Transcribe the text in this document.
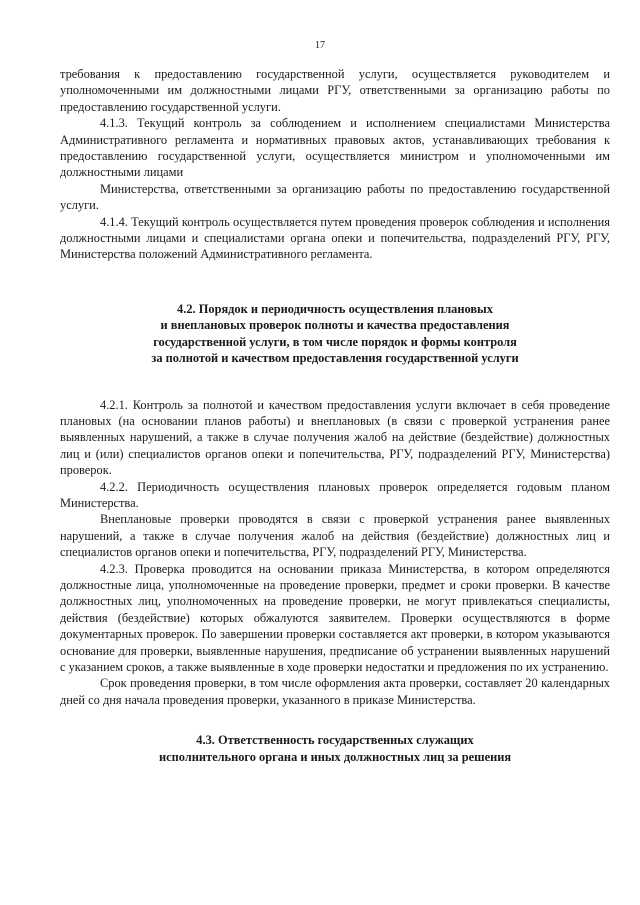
17

требования к предоставлению государственной услуги, осуществляется руководителем и уполномоченными им должностными лицами РГУ, ответственными за организацию работы по предоставлению государственной услуги.

4.1.3. Текущий контроль за соблюдением и исполнением специалистами Министерства Административного регламента и нормативных правовых актов, устанавливающих требования к предоставлению государственной услуги, осуществляется министром и уполномоченными им должностными лицами

Министерства, ответственными за организацию работы по предоставлению государственной услуги.

4.1.4. Текущий контроль осуществляется путем проведения проверок соблюдения и исполнения должностными лицами и специалистами органа опеки и попечительства, подразделений РГУ, РГУ, Министерства положений Административного регламента.

4.2. Порядок и периодичность осуществления плановых
и внеплановых проверок полноты и качества предоставления
государственной услуги, в том числе порядок и формы контроля
за полнотой и качеством предоставления государственной услуги

4.2.1. Контроль за полнотой и качеством предоставления услуги включает в себя проведение плановых (на основании планов работы) и внеплановых (в связи с проверкой устранения ранее выявленных нарушений, а также в случае получения жалоб на действие (бездействие) должностных лиц и (или) специалистов органов опеки и попечительства, РГУ, подразделений РГУ, Министерства) проверок.

4.2.2. Периодичность осуществления плановых проверок определяется годовым планом Министерства.

Внеплановые проверки проводятся в связи с проверкой устранения ранее выявленных нарушений, а также в случае получения жалоб на действия (бездействие) должностных лиц и специалистов органов опеки и попечительства, РГУ, подразделений РГУ, Министерства.

4.2.3. Проверка проводится на основании приказа Министерства, в котором определяются должностные лица, уполномоченные на проведение проверки, предмет и сроки проверки. В качестве должностных лиц, уполномоченных на проведение проверки, не могут привлекаться специалисты, действия (бездействие) которых обжалуются заявителем. Проверки осуществляются в форме документарных проверок. По завершении проверки составляется акт проверки, в котором указываются основание для проверки, выявленные нарушения, предписание об устранении выявленных нарушений с указанием сроков, а также выявленные в ходе проверки недостатки и предложения по их устранению.

Срок проведения проверки, в том числе оформления акта проверки, составляет 20 календарных дней со дня начала проведения проверки, указанного в приказе Министерства.

4.3. Ответственность государственных служащих
исполнительного органа и иных должностных лиц за решения
